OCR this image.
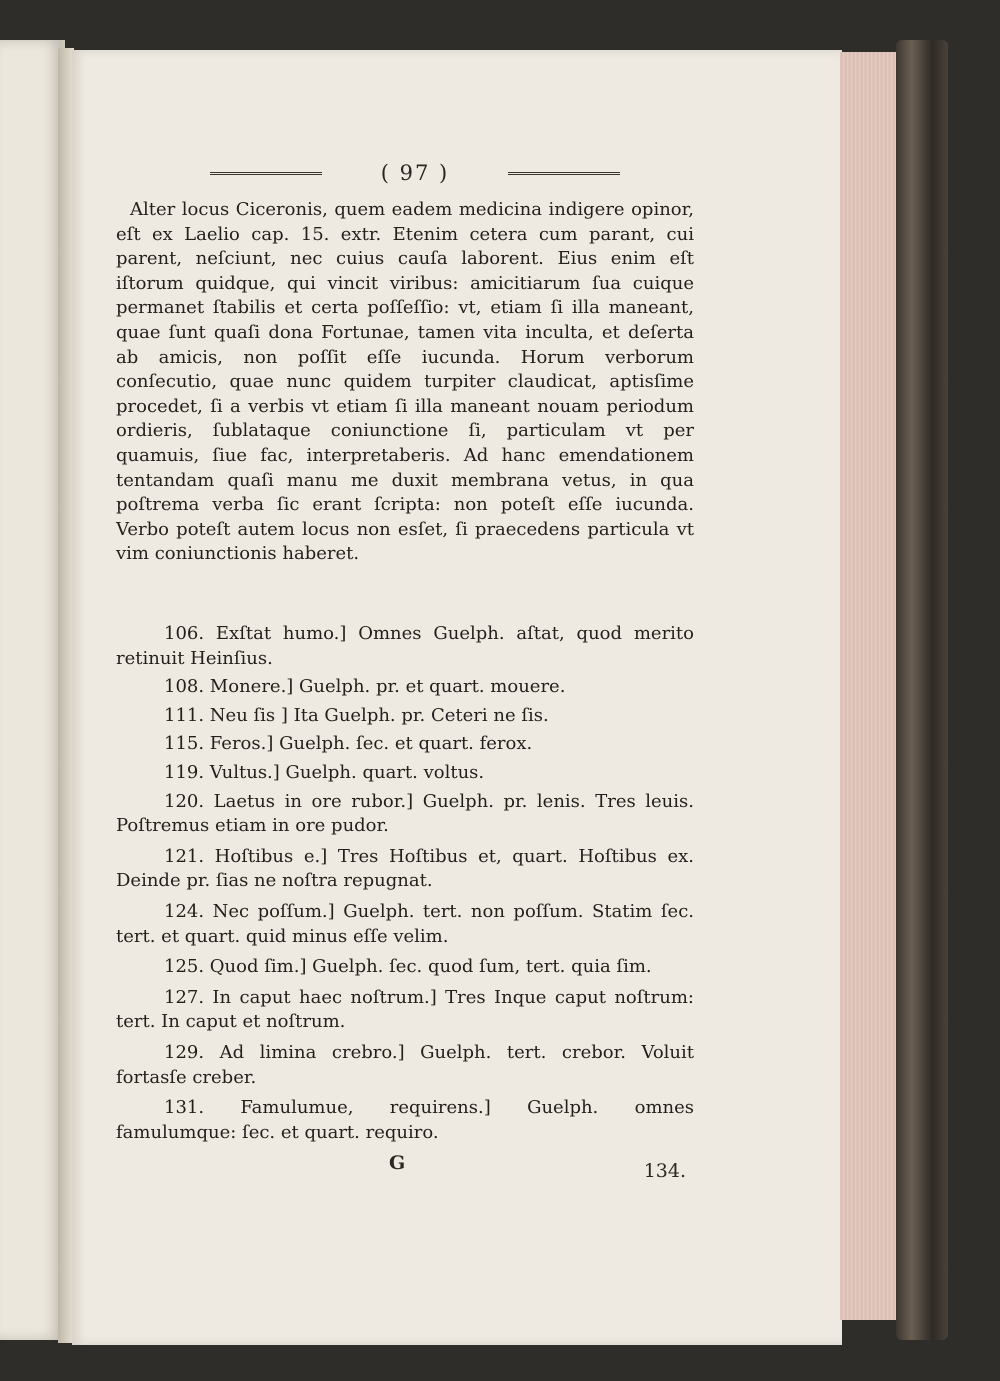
( 97 )

Alter locus Ciceronis, quem eadem medicina indigere opinor, eſt ex Laelio cap. 15. extr. Etenim cetera cum parant, cui parent, neſciunt, nec cuius cauſa laborent. Eius enim eſt iſtorum quidque, qui vincit viribus: amicitiarum ſua cuique permanet ſtabilis et certa poſſeſſio: vt, etiam ſi illa maneant, quae ſunt quaſi dona Fortunae, tamen vita inculta, et deſerta ab amicis, non poſſit eſſe iucunda. Horum verborum conſecutio, quae nunc quidem turpiter claudicat, aptisſime procedet, ſi a verbis vt etiam ſi illa maneant nouam periodum ordieris, ſublataque coniunctione ſi, particulam vt per quamuis, ſiue fac, interpretaberis. Ad hanc emendationem tentandam quaſi manu me duxit membrana vetus, in qua poſtrema verba ſic erant ſcripta: non poteſt eſſe iucunda. Verbo poteſt autem locus non esſet, ſi praecedens particula vt vim coniunctionis haberet.

106. Exſtat humo.] Omnes Guelph. aſtat, quod merito retinuit Heinſius.

108. Monere.] Guelph. pr. et quart. mouere.

111. Neu ſis ] Ita Guelph. pr. Ceteri ne ſis.

115. Feros.] Guelph. ſec. et quart. ferox.

119. Vultus.] Guelph. quart. voltus.

120. Laetus in ore rubor.] Guelph. pr. lenis. Tres leuis. Poſtremus etiam in ore pudor.

121. Hoſtibus e.] Tres Hoſtibus et, quart. Hoſtibus ex. Deinde pr. ſias ne noſtra repugnat.

124. Nec poſſum.] Guelph. tert. non poſſum. Statim ſec. tert. et quart. quid minus eſſe velim.

125. Quod ſim.] Guelph. ſec. quod ſum, tert. quia ſim.

127. In caput haec noſtrum.] Tres Inque caput noſtrum: tert. In caput et noſtrum.

129. Ad limina crebro.] Guelph. tert. crebor. Voluit fortasſe creber.

131. Famulumue, requirens.] Guelph. omnes famulumque: ſec. et quart. requiro.

G	134.
